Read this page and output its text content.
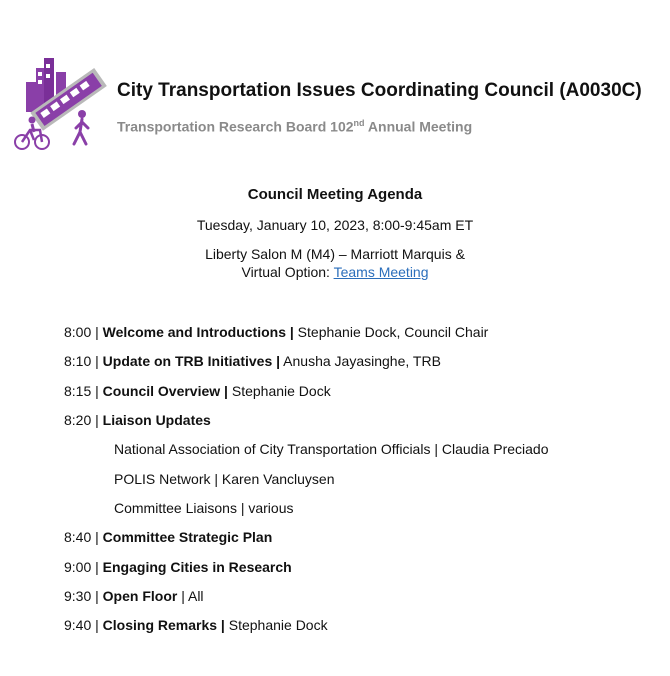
City Transportation Issues Coordinating Council (A0030C)
Transportation Research Board 102nd Annual Meeting
Council Meeting Agenda
Tuesday, January 10, 2023, 8:00-9:45am ET
Liberty Salon M (M4) – Marriott Marquis &
Virtual Option: Teams Meeting
8:00 | Welcome and Introductions | Stephanie Dock, Council Chair
8:10 | Update on TRB Initiatives | Anusha Jayasinghe, TRB
8:15 | Council Overview | Stephanie Dock
8:20 | Liaison Updates
National Association of City Transportation Officials | Claudia Preciado
POLIS Network | Karen Vancluysen
Committee Liaisons | various
8:40 | Committee Strategic Plan
9:00 | Engaging Cities in Research
9:30 | Open Floor | All
9:40 | Closing Remarks | Stephanie Dock
